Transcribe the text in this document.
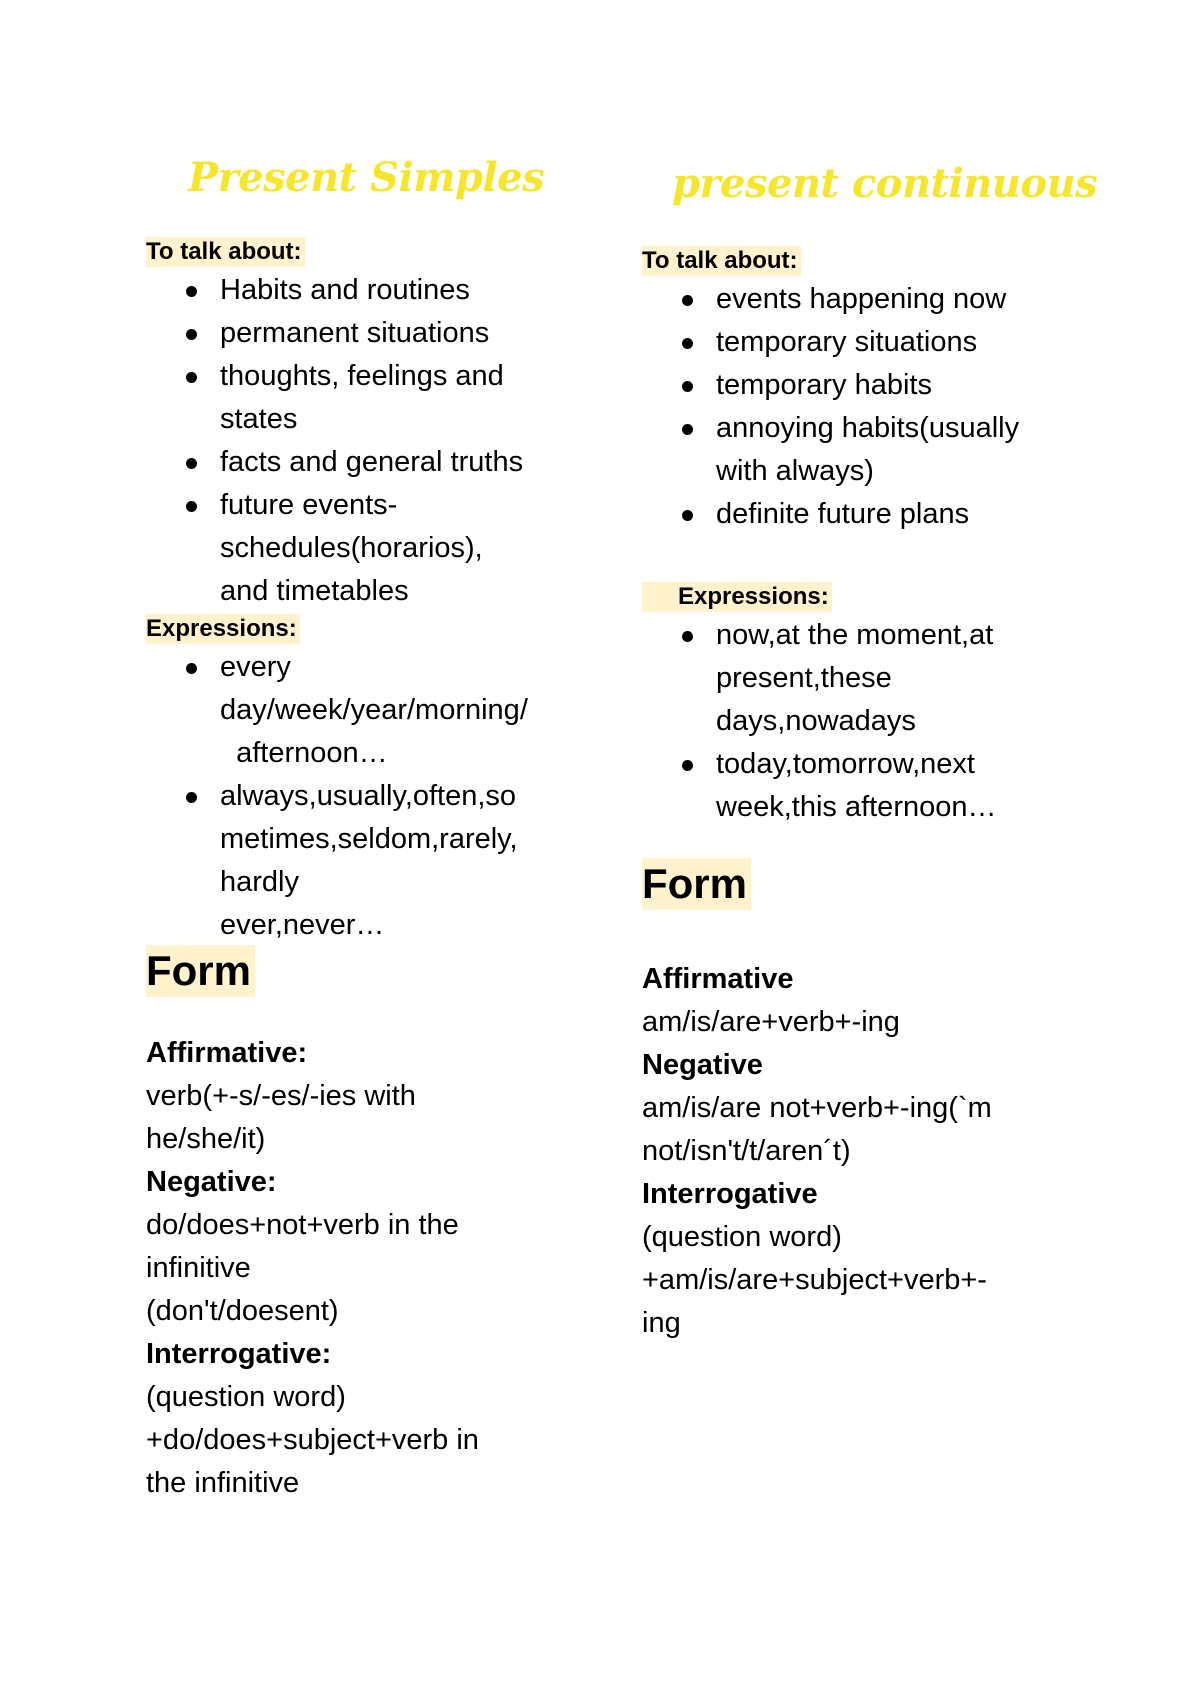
Present Simples
To talk about:
Habits and routines
permanent situations
thoughts, feelings and
states
facts and general truths
future events-
schedules(horarios),
and timetables
Expressions:
every
day/week/year/morning/
afternoon…
always,usually,often,so
metimes,seldom,rarely,
hardly
ever,never…
Form
Affirmative:
verb(+-s/-es/-ies with
he/she/it)
Negative:
do/does+not+verb in the
infinitive
(don't/doesent)
Interrogative:
(question word)
+do/does+subject+verb in
the infinitive
present continuous
To talk about:
events happening now
temporary situations
temporary habits
annoying habits(usually
with always)
definite future plans
Expressions:
now,at the moment,at
present,these
days,nowadays
today,tomorrow,next
week,this afternoon…
Form
Affirmative
am/is/are+verb+-ing
Negative
am/is/are not+verb+-ing(`m
not/isn't/t/aren´t)
Interrogative
(question word)
+am/is/are+subject+verb+-
ing
